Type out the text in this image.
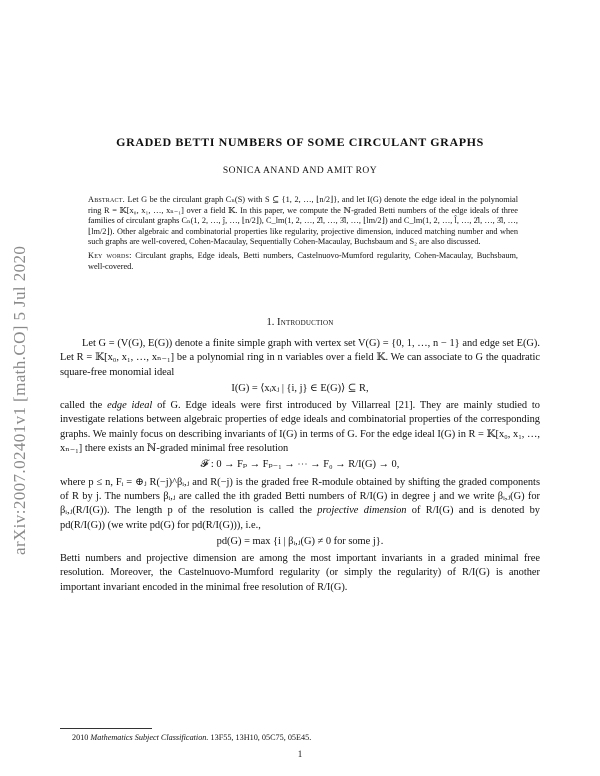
arXiv:2007.02401v1 [math.CO] 5 Jul 2020
GRADED BETTI NUMBERS OF SOME CIRCULANT GRAPHS
SONICA ANAND AND AMIT ROY

Abstract. Let G be the circulant graph Cₙ(S) with S ⊆ {1, 2, …, ⌊n/2⌋}, and let I(G) denote the edge ideal in the polynomial ring R = 𝕂[x₀, x₁, …, xₙ₋₁] over a field 𝕂. In this paper, we compute the ℕ-graded Betti numbers of the edge ideals of three families of circulant graphs Cₙ(1, 2, …, ĵ, …, ⌊n/2⌋), C_lm(1, 2, …, 2̂l, …, 3̂l, …, ⌊lm/2⌋) and C_lm(1, 2, …, l̂, …, 2̂l, …, 3̂l, …, ⌊lm/2⌋). Other algebraic and combinatorial properties like regularity, projective dimension, induced matching number and when such graphs are well-covered, Cohen-Macaulay, Sequentially Cohen-Macaulay, Buchsbaum and S₂ are also discussed.

Key words: Circulant graphs, Edge ideals, Betti numbers, Castelnuovo-Mumford regularity, Cohen-Macaulay, Buchsbaum, well-covered.

1. Introduction

Let G = (V(G), E(G)) denote a finite simple graph with vertex set V(G) = {0, 1, …, n − 1} and edge set E(G). Let R = 𝕂[x₀, x₁, …, xₙ₋₁] be a polynomial ring in n variables over a field 𝕂. We can associate to G the quadratic square-free monomial ideal

I(G) = ⟨xᵢxⱼ | {i, j} ∈ E(G)⟩ ⊆ R,

called the edge ideal of G. Edge ideals were first introduced by Villarreal [21]. They are mainly studied to investigate relations between algebraic properties of edge ideals and combinatorial properties of the corresponding graphs. We mainly focus on describing invariants of I(G) in terms of G. For the edge ideal I(G) in R = 𝕂[x₀, x₁, …, xₙ₋₁] there exists an ℕ-graded minimal free resolution

𝓕 : 0 → Fₚ → Fₚ₋₁ → ⋯ → F₀ → R/I(G) → 0,

where p ≤ n, Fᵢ = ⊕ⱼ R(−j)^βᵢ,ⱼ and R(−j) is the graded free R-module obtained by shifting the graded components of R by j. The numbers βᵢ,ⱼ are called the ith graded Betti numbers of R/I(G) in degree j and we write βᵢ,ⱼ(G) for βᵢ,ⱼ(R/I(G)). The length p of the resolution is called the projective dimension of R/I(G) and is denoted by pd(R/I(G)) (we write pd(G) for pd(R/I(G))), i.e.,

pd(G) = max {i | βᵢ,ⱼ(G) ≠ 0 for some j}.

Betti numbers and projective dimension are among the most important invariants in a graded minimal free resolution. Moreover, the Castelnuovo-Mumford regularity (or simply the regularity) of R/I(G) is another important invariant encoded in the minimal free resolution of R/I(G).

2010 Mathematics Subject Classification. 13F55, 13H10, 05C75, 05E45.
1
